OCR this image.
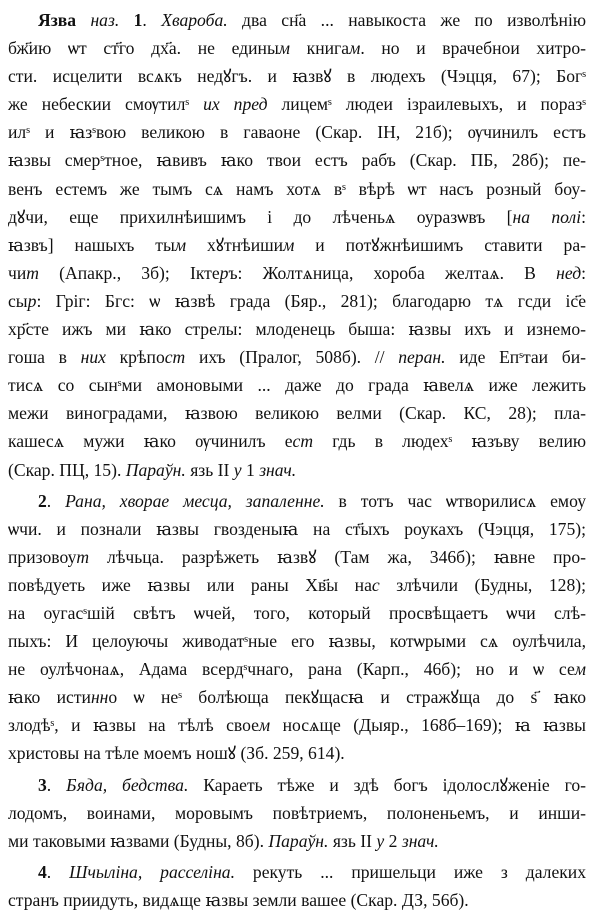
Язва наз. 1. Хвароба. два сн҃а ... навыкоста же по изволѣнію
бж҃ию ѡт ст҃го дх҃а. не единым книгам. но и врачебнои хитро-
сти. исцелити всѧкъ недꙋгъ. и ꙗзвꙋ в людехъ (Чэцця, 67); Богˢ
же небескии смѹтилˢ их пред лицемˢ людеи ізраилевыхъ, и поразˢ
илˢ и ꙗзˢвою великою в гаваоне (Скар. ІН, 21б); ѹчинилъ естъ
ꙗзвы смерˢтное, ꙗвивъ ꙗко твои естъ рабъ (Скар. ПБ, 28б); пе-
венъ естемъ же тымъ сѧ намъ хотѧ вˢ вѣрѣ ѡт насъ розный боу-
дꙋчи, еще прихилнѣишимъ і до лѣченьѧ оуразѡвъ [на полі:
ꙗзвъ] нашыхъ тым хꙋтнѣишим и потꙋжнѣишимъ ставити ра-
чит (Апакр., 3б); Іктеръ: Жолтѧница, хороба желтаѧ. В нед:
сыр: Гріг: Бгс: ѡ ꙗзвѣ града (Бяр., 281); благодарю тѧ гсди іс҃е
хр҃сте ижъ ми ꙗко стрелы: млоденець быша: ꙗзвы ихъ и изнемо-
гоша в них крѣпост ихъ (Пралог, 508б). // перан. иде Епˢтаи би-
тисѧ со сынˢми амоновыми ... даже до града ꙗвелѧ иже лежить
межи виноградами, ꙗзвою великою велми (Скар. КС, 28); пла-
кашесѧ мужи ꙗко ѹчинилъ ест гдь в людехˢ ꙗзъву велию
(Скар. ПЦ, 15). Параўн. язь II у 1 знач.

2. Рана, хворае месца, запаленне. в тотъ час ѡтворилисѧ емоу
ѡчи. и познали ꙗзвы гвозденыꙗ на ст҃ыхъ роукахъ (Чэцця, 175);
призовоут лѣчьца. разрѣжеть ꙗзвꙋ (Там жа, 346б); ꙗвне про-
повѣдуеть иже ꙗзвы или раны Хв҃ы нас злѣчили (Будны, 128);
на оугасˢшій свѣтъ ѡчей, того, который просвѣщаетъ ѡчи слѣ-
пыхъ: И целоуючы живодатˢные его ꙗзвы, котѡрыми сѧ оулѣчила,
не оулѣчонаѧ, Адама всердˢчнаго, рана (Карп., 46б); но и ѡ сем
ꙗко истинно ѡ неˢ болѣюща пекꙋщасꙗ и стражꙋща до ѕ҃ ꙗко
злодѣˢ, и ꙗзвы на тѣлѣ своем носѧще (Дыяр., 168б–169); ꙗ ꙗзвы
христовы на тѣле моемъ ношꙋ (Зб. 259, 614).

3. Бяда, бедства. Караеть тѣже и здѣ богъ ідолослꙋженіе го-
лодомъ, воинами, моровымъ повѣтриемъ, полоненьемъ, и инши-
ми таковыми ꙗзвами (Будны, 8б). Параўн. язь II у 2 знач.

4. Шчыліна, расселіна. рекуть ... пришельци иже з далеких
странъ приидуть, видѧще ꙗзвы земли вашее (Скар. ДЗ, 56б).
